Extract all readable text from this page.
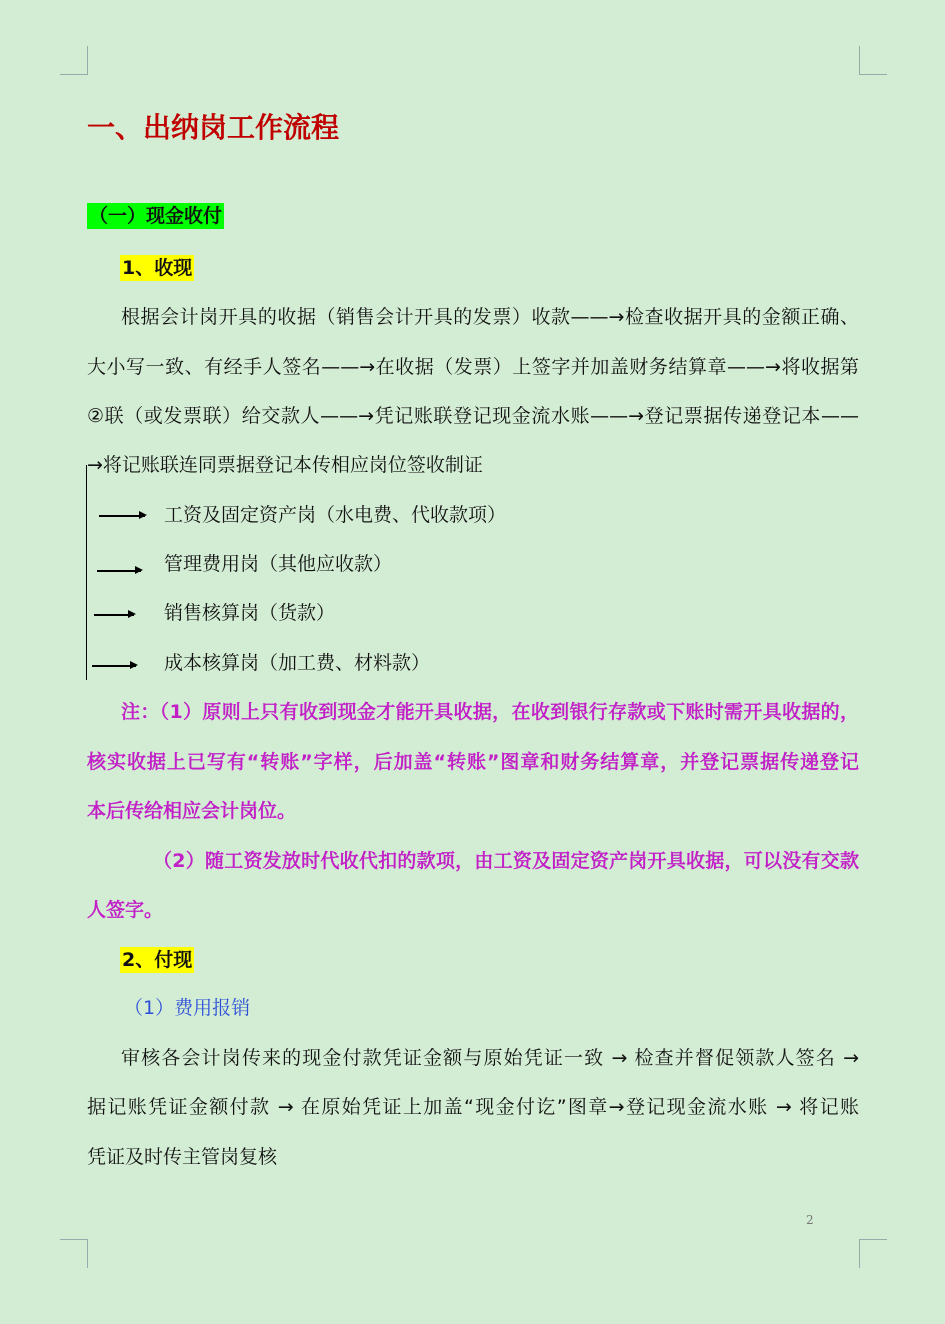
一、出纳岗工作流程
（一）现金收付
1、收现
根据会计岗开具的收据（销售会计开具的发票）收款——→检查收据开具的金额正确、
大小写一致、有经手人签名——→在收据（发票）上签字并加盖财务结算章——→将收据第
②联（或发票联）给交款人——→凭记账联登记现金流水账——→登记票据传递登记本——
→将记账联连同票据登记本传相应岗位签收制证
工资及固定资产岗（水电费、代收款项）
管理费用岗（其他应收款）
销售核算岗（货款）
成本核算岗（加工费、材料款）
注：（1）原则上只有收到现金才能开具收据，在收到银行存款或下账时需开具收据的，
核实收据上已写有“转账”字样，后加盖“转账”图章和财务结算章，并登记票据传递登记
本后传给相应会计岗位。
（2）随工资发放时代收代扣的款项，由工资及固定资产岗开具收据，可以没有交款
人签字。
2、付现
（1）费用报销
审核各会计岗传来的现金付款凭证金额与原始凭证一致 → 检查并督促领款人签名 →
据记账凭证金额付款 → 在原始凭证上加盖“现金付讫”图章→登记现金流水账 → 将记账
凭证及时传主管岗复核
2
